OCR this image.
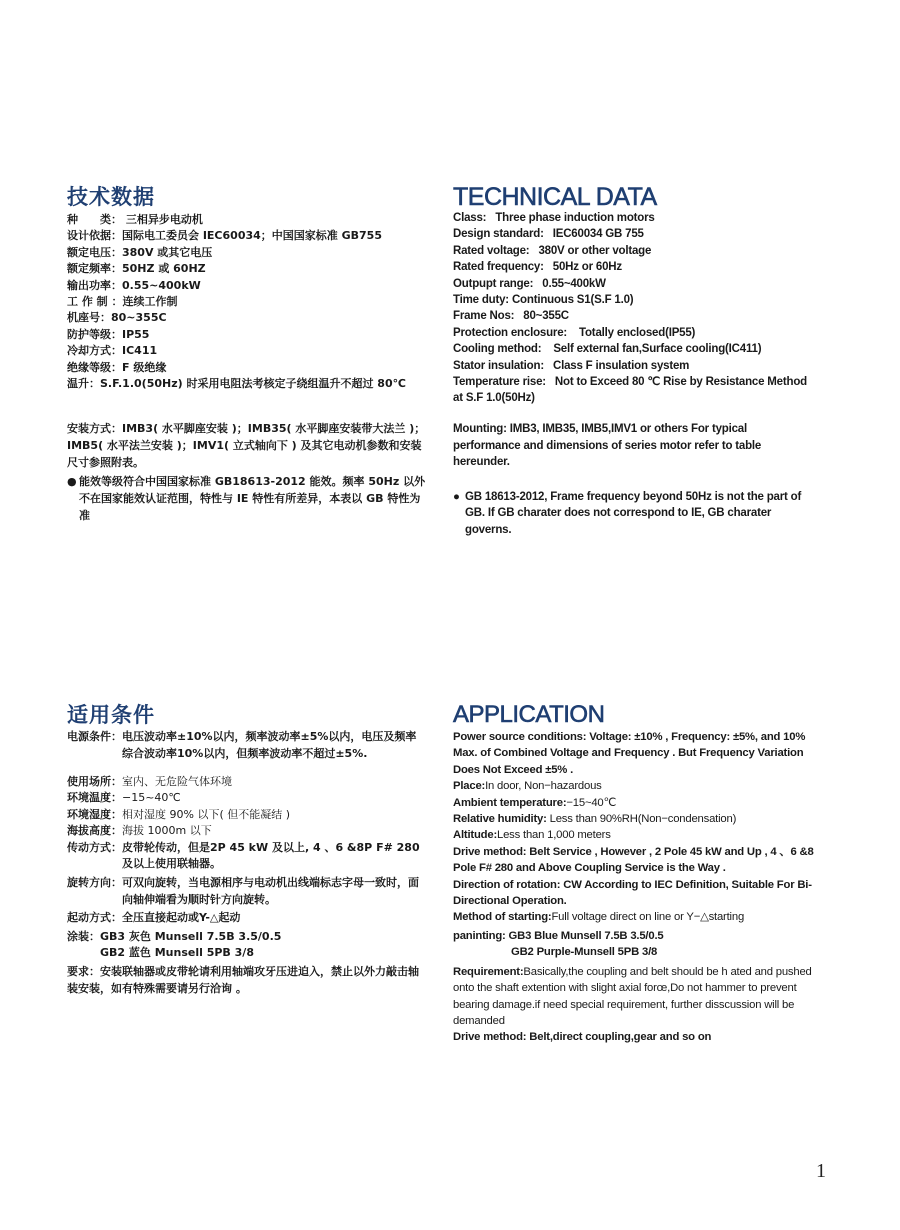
技术数据
种　　类： 三相异步电动机
设计依据：国际电工委员会 IEC60034；中国国家标准 GB755
额定电压：380V 或其它电压
额定频率：50HZ 或 60HZ
输出功率：0.55~400kW
工 作 制 ：连续工作制
机座号：80~355C
防护等级：IP55
冷却方式：IC411
绝缘等级：F 级绝缘
温升：S.F.1.0(50Hz) 时采用电阻法考核定子绕组温升不超过 80℃
安装方式：IMB3( 水平脚座安装 )；IMB35( 水平脚座安装带大法兰 )；IMB5( 水平法兰安装 )；IMV1( 立式轴向下 ) 及其它电动机参数和安装尺寸参照附表。
● 能效等级符合中国国家标准 GB18613-2012 能效。频率 50Hz 以外不在国家能效认证范围，特性与 IE 特性有所差异，本表以 GB 特性为准
TECHNICAL DATA
Class: Three phase induction motors
Design standard: IEC60034 GB 755
Rated voltage: 380V or other voltage
Rated frequency: 50Hz or 60Hz
Outpupt range: 0.55~400kW
Time duty: Continuous S1(S.F 1.0)
Frame Nos: 80~355C
Protection enclosure: Totally enclosed(IP55)
Cooling method: Self external fan,Surface cooling(IC411)
Stator insulation: Class F insulation system
Temperature rise: Not to Exceed 80 ℃ Rise by Resistance Method
at S.F 1.0(50Hz)
Mounting: IMB3, IMB35, IMB5,IMV1 or others For typical performance and dimensions of series motor refer to table hereunder.
● GB 18613-2012, Frame frequency beyond 50Hz is not the part of GB. If GB charater does not correspond to IE, GB charater governs.
适用条件
电源条件： 电压波动率±10%以内，频率波动率±5%以内，电压及频率综合波动率10%以内，但频率波动率不超过±5%.
使用场所： 室内、无危险气体环境
环境温度： −15~40℃
环境湿度： 相对湿度 90% 以下( 但不能凝结 )
海拔高度： 海拔 1000m 以下
传动方式： 皮带轮传动，但是2P 45 kW 及以上, 4 、6 &8P F# 280 及以上使用联轴器。
旋转方向： 可双向旋转，当电源相序与电动机出线端标志字母一致时，面向轴伸端看为顺时针方向旋转。
起动方式： 全压直接起动或Y-△起动
涂装： GB3 灰色 Munsell 7.5B 3.5/0.5
GB2 蓝色 Munsell 5PB 3/8
要求：安装联轴器或皮带轮请利用轴端攻牙压进迫入，禁止以外力敲击轴装安装，如有特殊需要请另行洽询 。
APPLICATION
Power source conditions: Voltage: ±10% , Frequency: ±5%, and 10% Max. of Combined Voltage and Frequency . But Frequency Variation Does Not Exceed ±5% .
Place:In door, Non−hazardous
Ambient temperature:−15~40℃
Relative humidity: Less than 90%RH(Non−condensation)
Altitude:Less than 1,000 meters
Drive method: Belt Service , However , 2 Pole 45 kW and Up , 4 、6 &8 Pole F# 280 and Above Coupling Service is the Way .
Direction of rotation: CW According to IEC Definition, Suitable For Bi-Directional Operation.
Method of starting:Full voltage direct on line or Y−△starting
paninting: GB3 Blue Munsell 7.5B 3.5/0.5
GB2 Purple-Munsell 5PB 3/8
Requirement:Basically,the coupling and belt should be h ated and pushed onto the shaft extention with slight axial forœ,Do not hammer to prevent bearing damage.if need special requirement, further disscussion will be demanded
Drive method: Belt,direct coupling,gear and so on
1
